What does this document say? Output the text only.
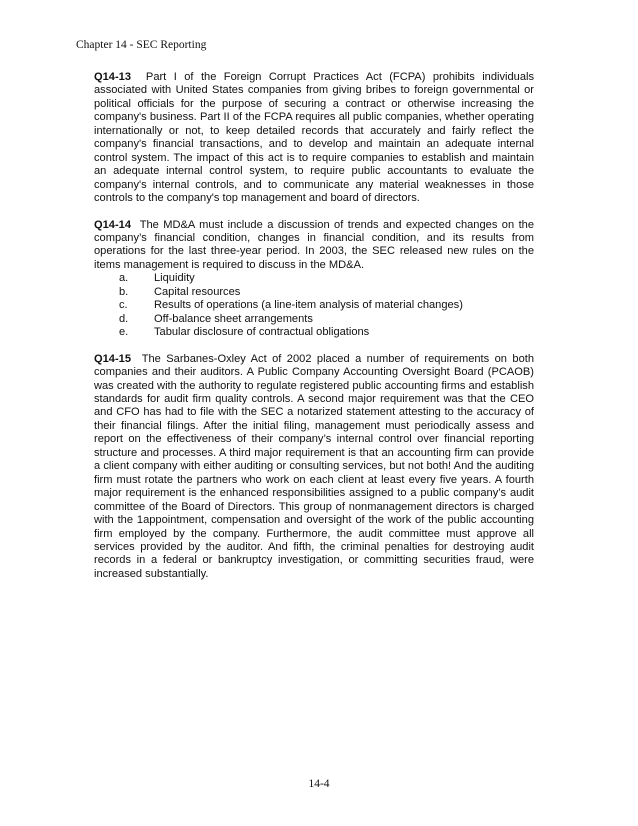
Chapter 14 - SEC Reporting

Q14-13 Part I of the Foreign Corrupt Practices Act (FCPA) prohibits individuals associated with United States companies from giving bribes to foreign governmental or political officials for the purpose of securing a contract or otherwise increasing the company's business. Part II of the FCPA requires all public companies, whether operating internationally or not, to keep detailed records that accurately and fairly reflect the company's financial transactions, and to develop and maintain an adequate internal control system. The impact of this act is to require companies to establish and maintain an adequate internal control system, to require public accountants to evaluate the company's internal controls, and to communicate any material weaknesses in those controls to the company's top management and board of directors.

Q14-14 The MD&A must include a discussion of trends and expected changes on the company’s financial condition, changes in financial condition, and its results from operations for the last three-year period. In 2003, the SEC released new rules on the items management is required to discuss in the MD&A.

a.	Liquidity
b.	Capital resources
c.	Results of operations (a line-item analysis of material changes)
d.	Off-balance sheet arrangements
e.	Tabular disclosure of contractual obligations

Q14-15 The Sarbanes-Oxley Act of 2002 placed a number of requirements on both companies and their auditors. A Public Company Accounting Oversight Board (PCAOB) was created with the authority to regulate registered public accounting firms and establish standards for audit firm quality controls. A second major requirement was that the CEO and CFO has had to file with the SEC a notarized statement attesting to the accuracy of their financial filings. After the initial filing, management must periodically assess and report on the effectiveness of their company’s internal control over financial reporting structure and processes. A third major requirement is that an accounting firm can provide a client company with either auditing or consulting services, but not both! And the auditing firm must rotate the partners who work on each client at least every five years. A fourth major requirement is the enhanced responsibilities assigned to a public company’s audit committee of the Board of Directors. This group of nonmanagement directors is charged with the 1appointment, compensation and oversight of the work of the public accounting firm employed by the company. Furthermore, the audit committee must approve all services provided by the auditor. And fifth, the criminal penalties for destroying audit records in a federal or bankruptcy investigation, or committing securities fraud, were increased substantially.

14-4
